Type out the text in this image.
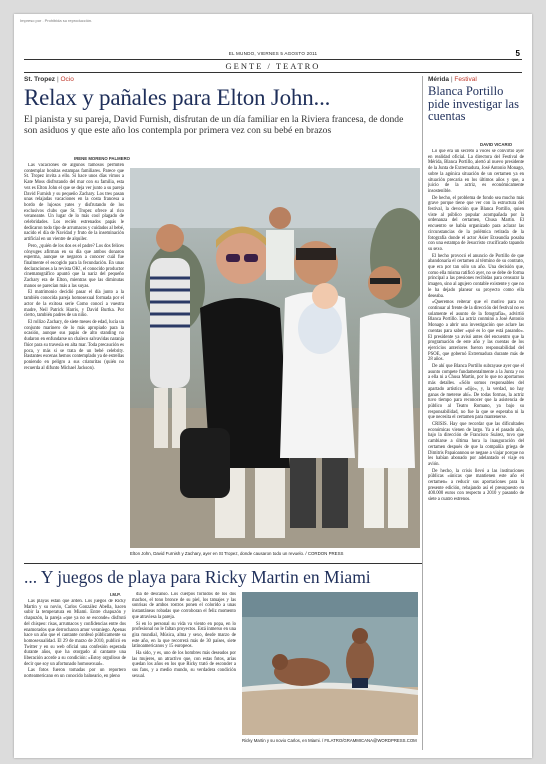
Impreso por . Prohibida su reproducción.
EL MUNDO, VIERNES 5 AGOSTO 2011	5
GENTE / TEATRO
St. Tropez | Ocio
Relax y pañales para Elton John...
El pianista y su pareja, David Furnish, disfrutan de un día familiar en la Riviera francesa, de donde son asiduos y que este año los contempla por primera vez con su bebé en brazos
Mérida | Festival
Blanca Portillo pide investigar las cuentas
DAVID VICARIO

Lo que era un secreto a voces se convirtió ayer en realidad oficial. La directora del Festival de Mérida, Blanca Portillo, alertó al nuevo presidente de la Junta de Extremadura, José Antonio Monago, sobre la agónica situación de un certamen ya en situación precaria en los últimos años y que, a juicio de la actriz, es económicamente insostenible.

De hecho, el problema de fondo sea mucho más grave porque tiene que ver con la estructura del festival, la devoción que Blanca Portillo, quien viste al público popular acompañada por la ordenanza del certamen, Chusa Martín. El encuentro se había organizado para aclarar las circunstancias de la polémica retirada de la fotografía donde el actor Asier Etxeandía posaba con una estampa de Jesucristo crucificado tapando su sexo.

El hecho provocó el anuncio de Portillo de que abandonaría el certamen al término de su contrato, que era por tan sólo un año. Una decisión que, como ella misma ratificó ayer, no se debe de forma principal a las presiones recibidas para censurar la imagen, sino al agujero contable existente y que no le ha dejado planear su proyecto como ella deseaba.

«Queremos reiterar que el motivo para no continuar al frente de la dirección del festival no es solamente el asunto de la fotografía», advirtió Blanca Portillo. La actriz conminó a José Antonio Monago a abrir una investigación que aclare las cuentas para saber «qué es lo que está pasando». El presidente ya avisó antes del encuentro que la programación de este año y las cuentas de los ejercicios anteriores fueron responsabilidad del PSOE, que gobernó Extremadura durante más de 28 años.

De ahí que Blanca Portillo subrayase ayer que el asunto compete fundamentalmente a la Junta y no a ella ni a Chusa Martín, por lo que no aportarnos más detalles. «Sólo somos responsables del apartado artístico «dijo», y, la verdad, no hay ganas de meterse ahí». De todas formas, la actriz tuvo tiempo para reconocer que la asistencia de público al Teatro Romano, ya bajo su responsabilidad, no fue la que se esperaba ni la que necesita el certamen para mantenerse.

CRISIS. Hay que recordar que las dificultades económicas vienen de largo. Ya a el pasado año, bajo la dirección de Francisco Suárez, tuvo que cambiarse a última hora la inauguración del certamen después de que la compañía griega de Dimitris Papaioannou se negase a viajar porque no les habían abonado por adelantado el viaje en avión.

De hecho, la crisis llevó a las instituciones públicas «únicas que mantienen este año el certamen» a reducir sus aportaciones para la presente edición, rebajando así el presupuesto en 400.000 euros con respecto a 2010 y pasando de siete a cuatro estrenos.

IRENE MORENO PALMERO

Las vacaciones de algunos famosos permiten contemplar bonitas estampas familiares. Parece que St. Tropez invita a ello. Si hace unos días vimos a Kate Moss disfrutando del mar con su familia, esta vez es Elton John el que se deja ver junto a su pareja David Furnish y su pequeño Zachary. Los tres pasan unas relajadas vacaciones en la costa francesa a bordo de lujosos yates y disfrutando de los exclusivos clubs que St. Tropez ofrece al rico veraneante. Un lugar de lo más cool plagado de celebridades. Los recién estrenados papás le dedicaron todo tipo de arrumacos y cuidados al bebé, nacido el día de Navidad y fruto de la inseminación artificial en un vientre de alquiler.

Pero, ¿quién de los dos es el padre? Los dos felices cónyuges afirman en su día que ambos donaron esperma, aunque se negaron a conocer cuál fue finalmente el escogido para la fecundación. En unas declaraciones a la revista OK!, el conocido productor cinematográfico apuntó que la nariz del pequeño Zachary era de Elton, mientras que las diminutas manos se parecían más a las suyas.

El matrimonio decidió pasar el día junto a la también conocida pareja homosexual formada por el actor de la exitosa serie Como conocí a vuestra madre, Neil Patrick Harris, y David Burtka. Por cierto, también padres de un niño.

El rollizo Zachary, de siete meses de edad, lucía un conjunto marinero de lo más apropiado para la ocasión, aunque sus papás de alto standing no dudaron en enfundarse un chaleco salvavidas naranja flúor para su travesía en alta mar. Toda precaución es poca, y más si se trata de un bebé celebrity. Bastantes escenas hemos contemplado ya de estrellas poniendo en peligro a sus criaturitas (quién no recuerda al difunto Michael Jackson).

Elton John, David Furnish y Zachary, ayer en St Tropez, donde causaron todo un revuelo. / CORDON PRESS
... Y juegos de playa para Ricky Martin en Miami
I.M.P.

Las playas están que arden. Los juegos de Ricky Martin y su novio, Carlos González Abella, hacen subir la temperatura en Miami. Entre chapuzón y chapuzón, la pareja «que ya no se esconde» disfrutó del chispeo: risas, arrumacos y confidencias entre dos enamorados que derrocharon amor veraniego. Apenas hace un año que el cantante confesó públicamente su homosexualidad. El 29 de marzo de 2010, publicó en Twitter y en su web oficial una confesión esperada durante años, que ha otorgado al cantante una liberación acorde a su condición: «Estoy orgulloso de decir que soy un afortunado homosexual».

Las fotos fueron tomadas por un reportero norteamericano en un conocido balneario, en pleno

día de descanso. Los cuerpos fornidos de los dos machos, el tono bronce de su piel, los tatuajes y las sonrisas de ambos rostros ponen el colorido a unas instantáneas robadas que corroboran el feliz momento que atraviesa la pareja.

Si en lo personal su vida va viento en popa, en lo profesional no le faltan proyectos. Está inmerso en una gira mundial, Música, alma y sexo, desde marzo de este año, en la que recorrerá más de 30 países, siete latinoamericanos y 15 europeos.

Ha sido, y es, uno de los hombres más deseados por las mujeres, un atractivo que, con estas fotos, arias quedan los años en los que Ricky trató de esconder a sus fans, y a medio mundo, su verdadera condición sexual.

Ricky Martin y su novio Carlos, en Miami. / FILATRO/GRAMMICANA@WORDPRESS.COM
